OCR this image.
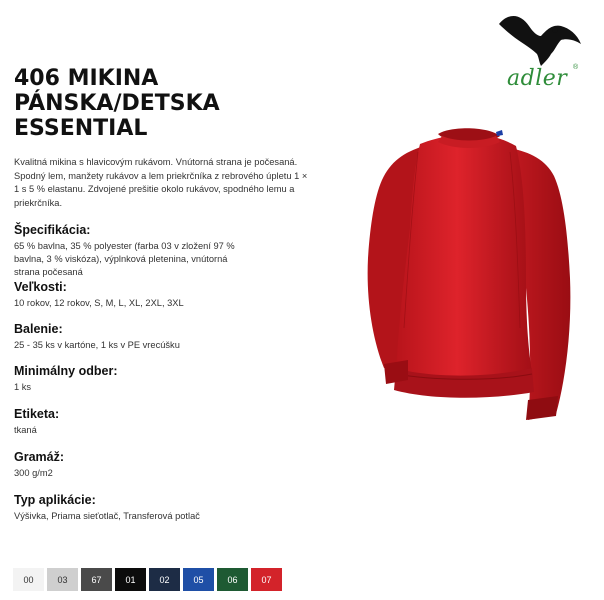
adler ®
406 MIKINA
PÁNSKA/DETSKA
ESSENTIAL
Kvalitná mikina s hlavicovým rukávom. Vnútorná strana je počesaná. Spodný lem, manžety rukávov a lem priekrčníka z rebrového úpletu 1 × 1 s 5 % elastanu. Zdvojené prešitie okolo rukávov, spodného lemu a priekrčníka.
Špecifikácia:
65 % bavlna, 35 % polyester (farba 03 v zložení 97 % bavlna, 3 % viskóza), výplnková pletenina, vnútorná strana počesaná
Veľkosti:
10 rokov, 12 rokov, S, M, L, XL, 2XL, 3XL
Balenie:
25 - 35 ks v kartóne, 1 ks v PE vrecúšku
Minimálny odber:
1 ks
Etiketa:
tkaná
Gramáž:
300 g/m2
Typ aplikácie:
Výšivka, Priama sieťotlač, Transferová potlač
00	03	67	01	02	05	06	07
